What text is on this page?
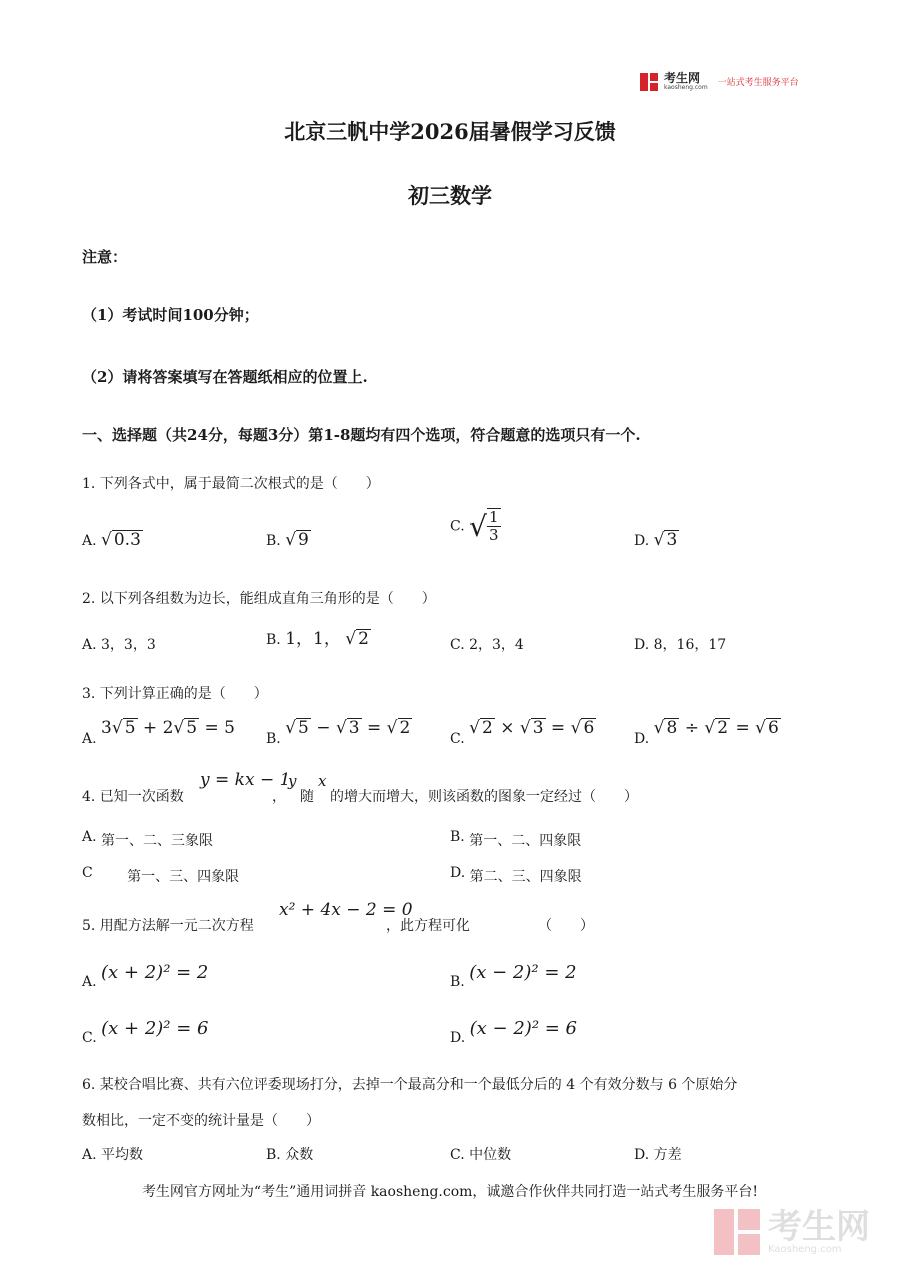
考生网
kaosheng.com 一站式考生服务平台
北京三帆中学2026届暑假学习反馈
初三数学
注意：
（1）考试时间100分钟；
（2）请将答案填写在答题纸相应的位置上.
一、选择题（共24分，每题3分）第1-8题均有四个选项，符合题意的选项只有一个.
1. 下列各式中，属于最简二次根式的是（　　）
A. √ 0.3	B. √ 9
C. √ $\frac{1}{3}$	D. √ 3
2. 以下列各组数为边长，能组成直角三角形的是（　　）
A. 3，3，3	B. 1，1， √ 2	C. 2，3，4	D. 8，16，17
3. 下列计算正确的是（　　）
A. 3√ 5 + 2√ 5 = 5
B. √ 5 − √ 3 = √ 2
C. √ 2 × √ 3 = √ 6
D. √ 8 ÷ √ 2 = √ 6
4. 已知一次函数
y = kx − 1
，
y
随
x
的增大而增大，则该函数的图象一定经过（　　）
A. 第一、二、三象限	B. 第一、二、四象限
C 第一、三、四象限	D. 第二、三、四象限
5. 用配方法解一元二次方程
x² + 4x − 2 = 0
，此方程可化	（　　）
A. (x + 2)² = 2	B. (x − 2)² = 2
C. (x + 2)² = 6	D. (x − 2)² = 6
6. 某校合唱比赛、共有六位评委现场打分，去掉一个最高分和一个最低分后的 4 个有效分数与 6 个原始分
数相比，一定不变的统计量是（　　）
A. 平均数	B. 众数	C. 中位数	D. 方差
考生网官方网址为“考生”通用词拼音 kaosheng.com，诚邀合作伙伴共同打造一站式考生服务平台!
考生网
Kaosheng.com
